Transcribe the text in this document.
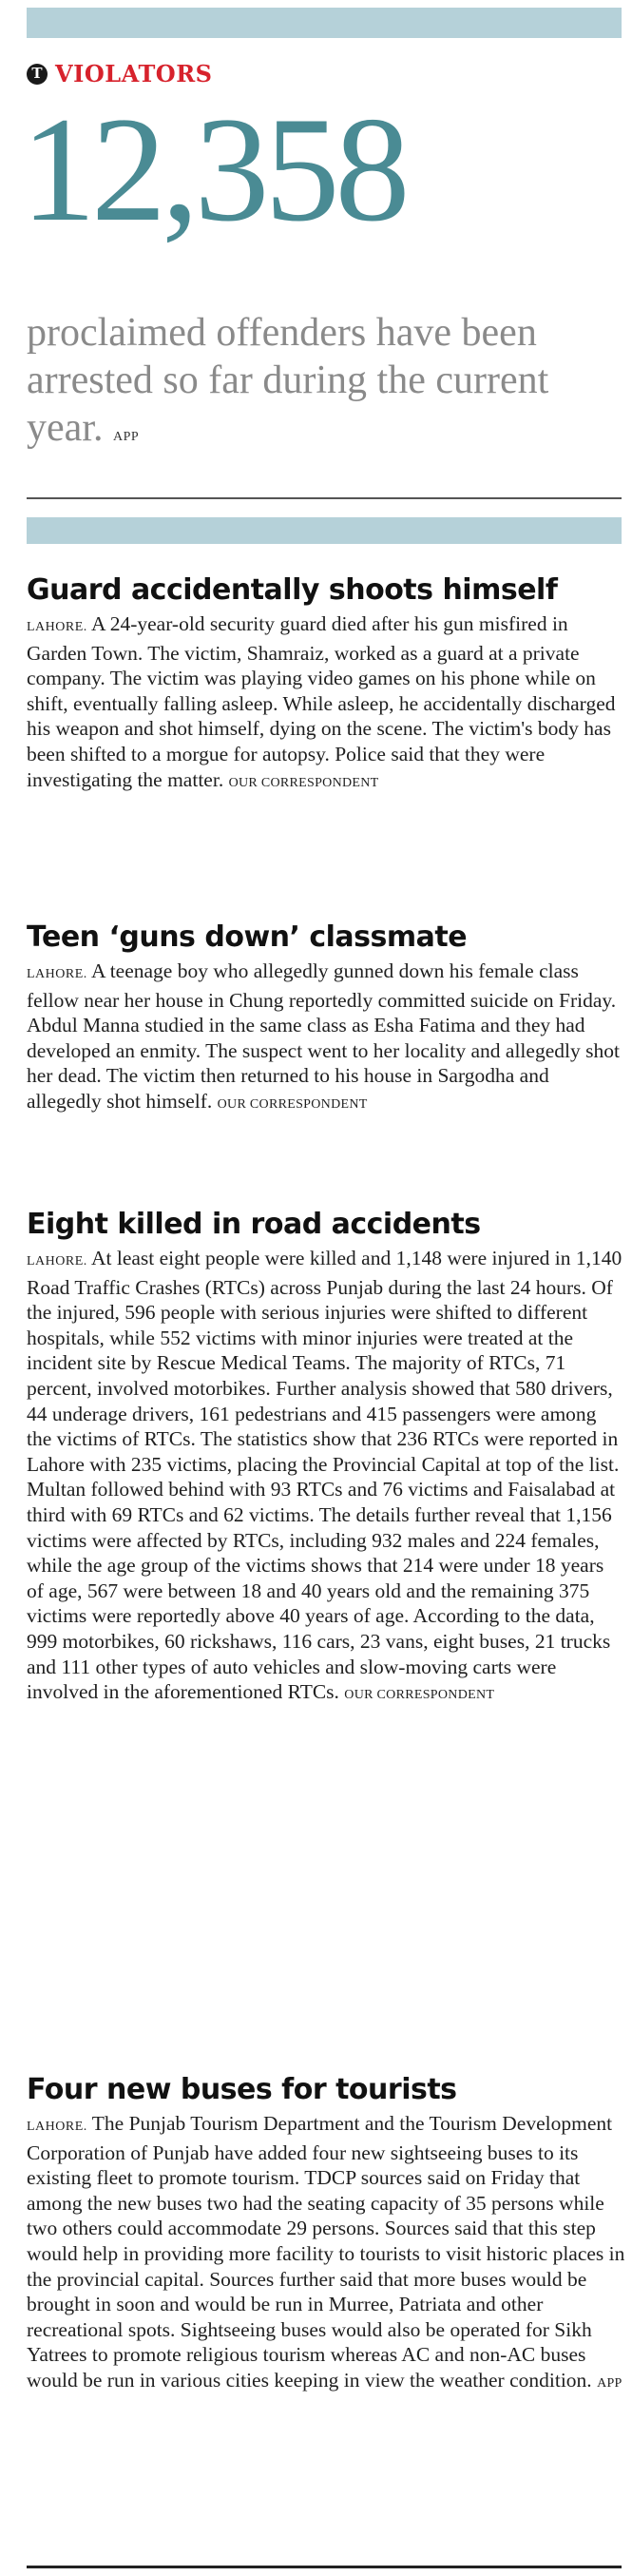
T VIOLATORS
12,358
proclaimed offenders have been arrested so far during the current year. APP
Guard accidentally shoots himself

LAHORE. A 24-year-old security guard died after his gun misfired in Garden Town. The victim, Shamraiz, worked as a guard at a private company. The victim was playing video games on his phone while on shift, eventually falling asleep. While asleep, he accidentally discharged his weapon and shot himself, dying on the scene. The victim's body has been shifted to a morgue for autopsy. Police said that they were investigating the matter. OUR CORRESPONDENT

Teen ‘guns down’ classmate

LAHORE. A teenage boy who allegedly gunned down his female class fellow near her house in Chung reportedly committed suicide on Friday. Abdul Manna studied in the same class as Esha Fatima and they had developed an enmity. The suspect went to her locality and allegedly shot her dead. The victim then returned to his house in Sargodha and allegedly shot himself. OUR CORRESPONDENT

Eight killed in road accidents

LAHORE. At least eight people were killed and 1,148 were injured in 1,140 Road Traffic Crashes (RTCs) across Punjab during the last 24 hours. Of the injured, 596 people with serious injuries were shifted to different hospitals, while 552 victims with minor injuries were treated at the incident site by Rescue Medical Teams. The majority of RTCs, 71 percent, involved motorbikes. Further analysis showed that 580 drivers, 44 underage drivers, 161 pedestrians and 415 passengers were among the victims of RTCs. The statistics show that 236 RTCs were reported in Lahore with 235 victims, placing the Provincial Capital at top of the list. Multan followed behind with 93 RTCs and 76 victims and Faisalabad at third with 69 RTCs and 62 victims. The details further reveal that 1,156 victims were affected by RTCs, including 932 males and 224 females, while the age group of the victims shows that 214 were under 18 years of age, 567 were between 18 and 40 years old and the remaining 375 victims were reportedly above 40 years of age. According to the data, 999 motorbikes, 60 rickshaws, 116 cars, 23 vans, eight buses, 21 trucks and 111 other types of auto vehicles and slow-moving carts were involved in the aforementioned RTCs. OUR CORRESPONDENT

Four new buses for tourists

LAHORE. The Punjab Tourism Department and the Tourism Development Corporation of Punjab have added four new sightseeing buses to its existing fleet to promote tourism. TDCP sources said on Friday that among the new buses two had the seating capacity of 35 persons while two others could accommodate 29 persons. Sources said that this step would help in providing more facility to tourists to visit historic places in the provincial capital. Sources further said that more buses would be brought in soon and would be run in Murree, Patriata and other recreational spots. Sightseeing buses would also be operated for Sikh Yatrees to promote religious tourism whereas AC and non-AC buses would be run in various cities keeping in view the weather condition. APP
